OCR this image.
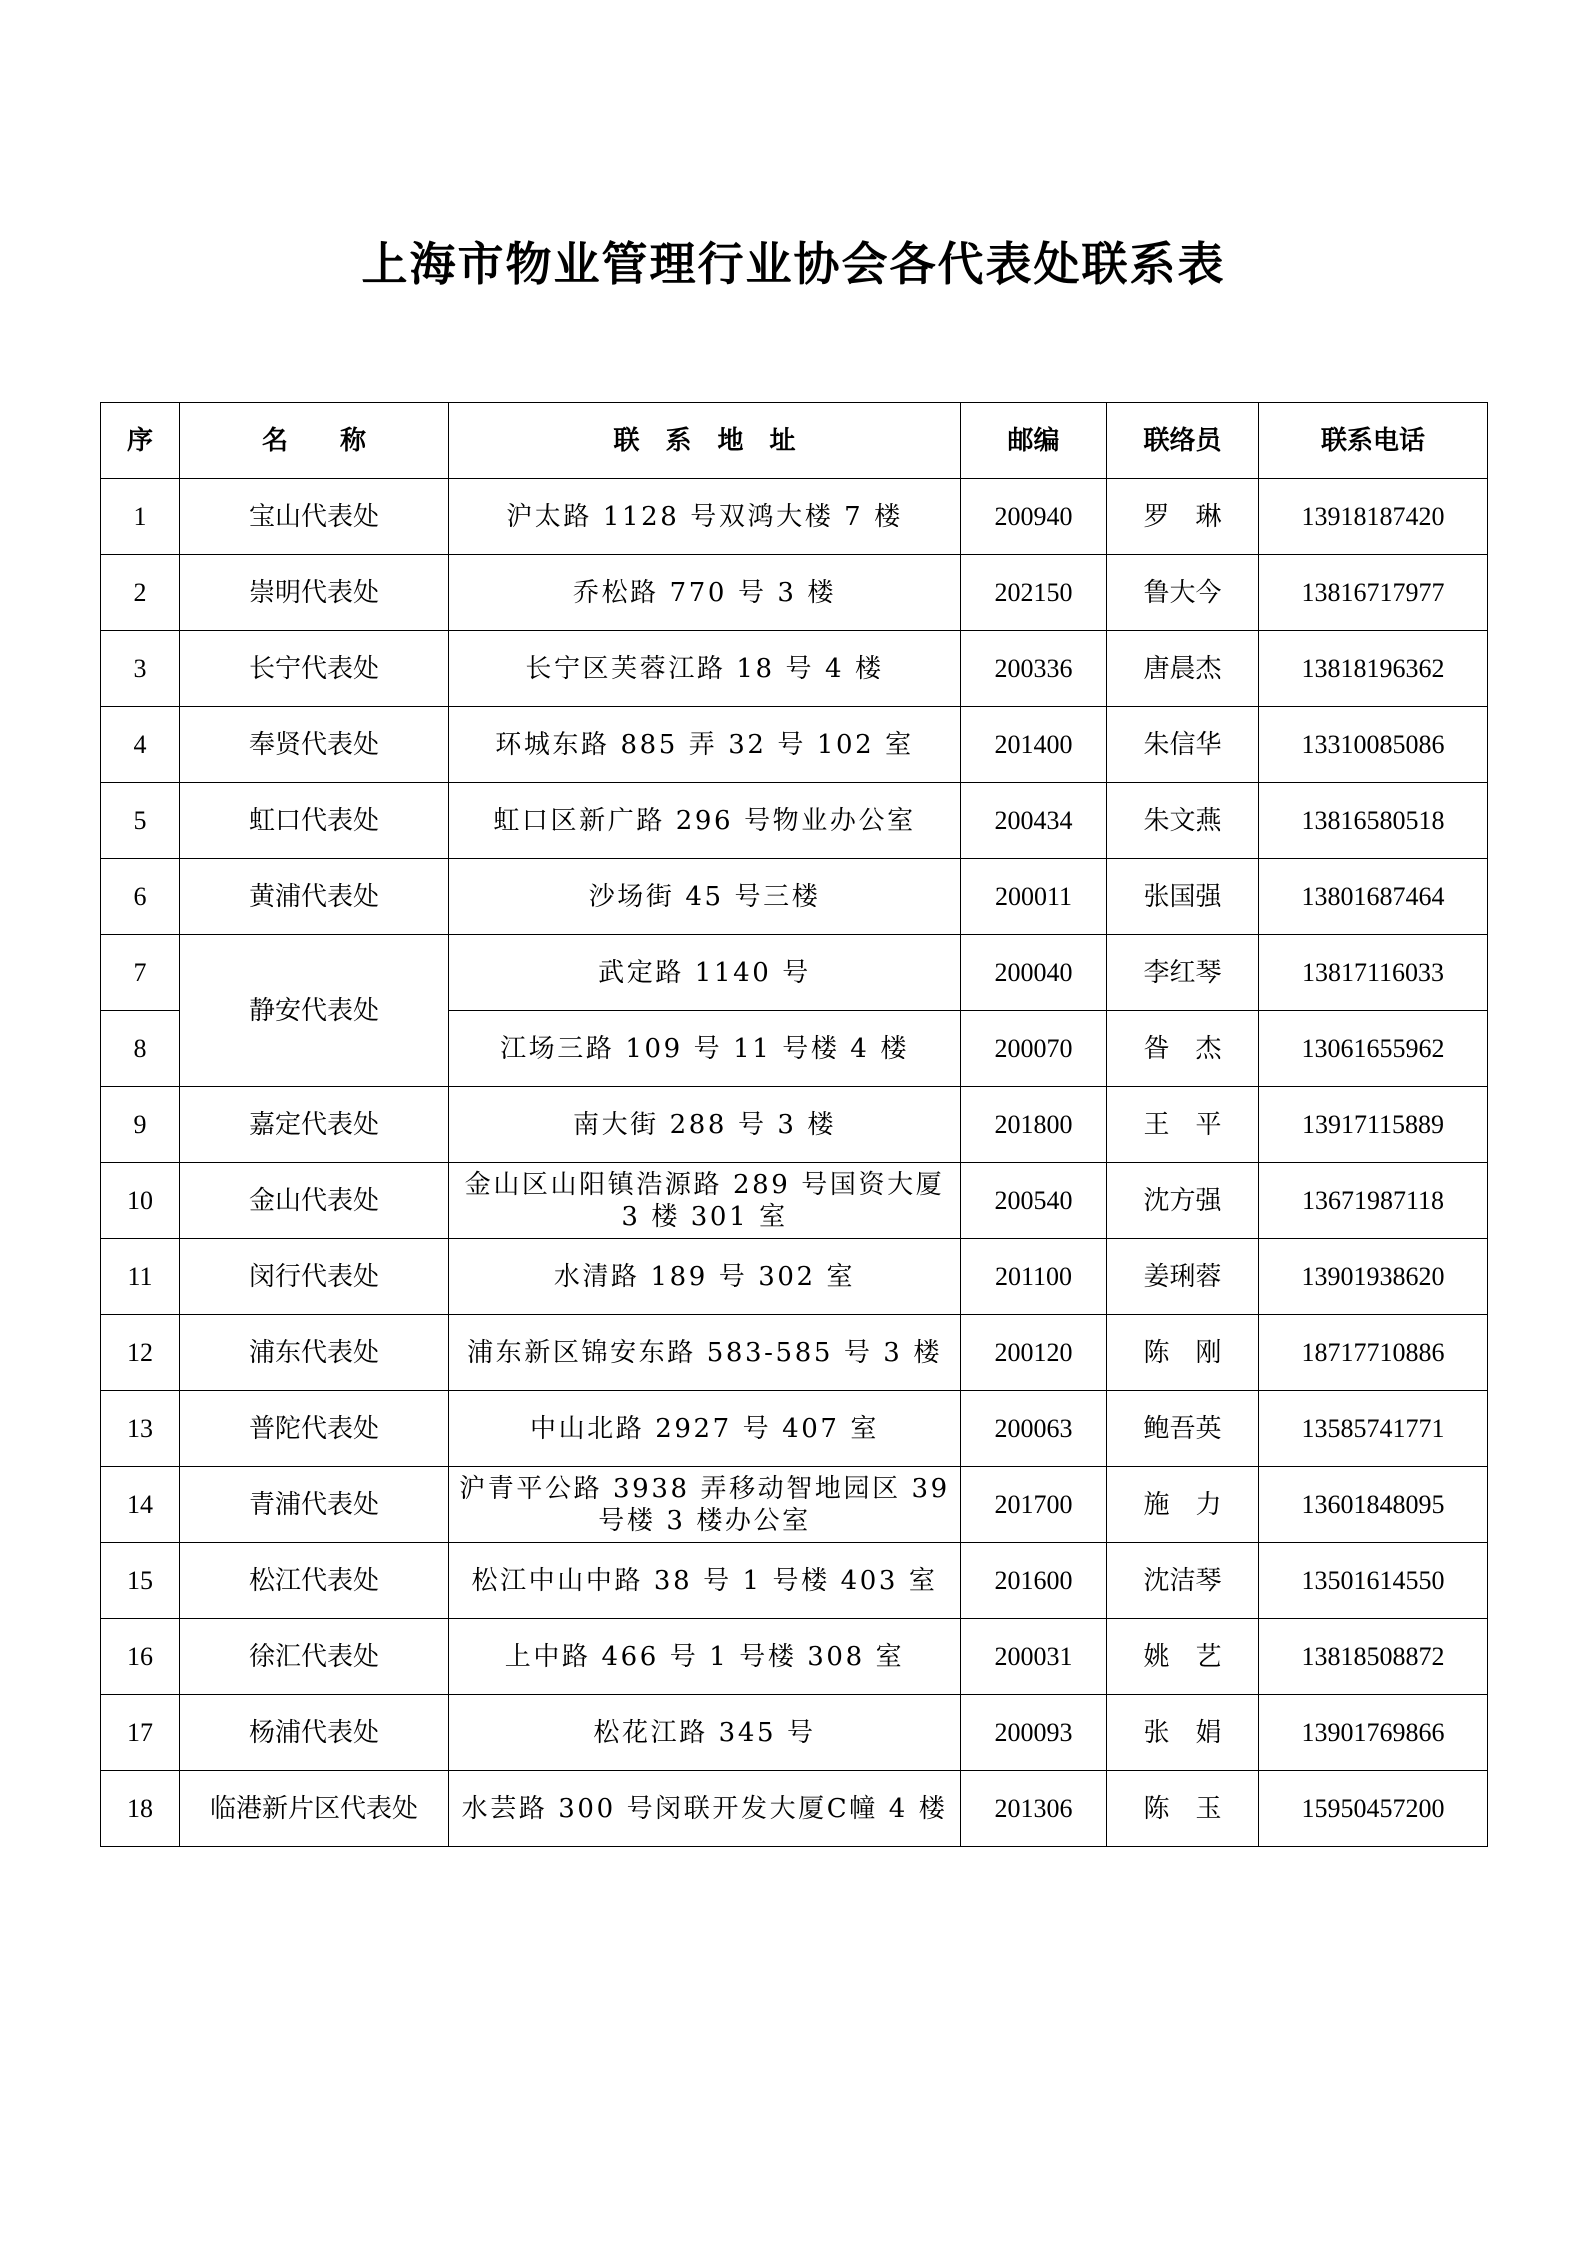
上海市物业管理行业协会各代表处联系表
序	名　　称	联　系　地　址	邮编	联络员	联系电话
1	宝山代表处	沪太路 1128 号双鸿大楼 7 楼	200940	罗　琳	13918187420
2	崇明代表处	乔松路 770 号 3 楼	202150	鲁大今	13816717977
3	长宁代表处	长宁区芙蓉江路 18 号 4 楼	200336	唐晨杰	13818196362
4	奉贤代表处	环城东路 885 弄 32 号 102 室	201400	朱信华	13310085086
5	虹口代表处	虹口区新广路 296 号物业办公室	200434	朱文燕	13816580518
6	黄浦代表处	沙场街 45 号三楼	200011	张国强	13801687464
7	静安代表处	武定路 1140 号	200040	李红琴	13817116033
8		江场三路 109 号 11 号楼 4 楼	200070	昝　杰	13061655962
9	嘉定代表处	南大街 288 号 3 楼	201800	王　平	13917115889
10	金山代表处	金山区山阳镇浩源路 289 号国资大厦 3 楼 301 室	200540	沈方强	13671987118
11	闵行代表处	水清路 189 号 302 室	201100	姜琍蓉	13901938620
12	浦东代表处	浦东新区锦安东路 583-585 号 3 楼	200120	陈　刚	18717710886
13	普陀代表处	中山北路 2927 号 407 室	200063	鲍吾英	13585741771
14	青浦代表处	沪青平公路 3938 弄移动智地园区 39 号楼 3 楼办公室	201700	施　力	13601848095
15	松江代表处	松江中山中路 38 号 1 号楼 403 室	201600	沈洁琴	13501614550
16	徐汇代表处	上中路 466 号 1 号楼 308 室	200031	姚　艺	13818508872
17	杨浦代表处	松花江路 345 号	200093	张　娟	13901769866
18	临港新片区代表处	水芸路 300 号闵联开发大厦C幢 4 楼	201306	陈　玉	15950457200
